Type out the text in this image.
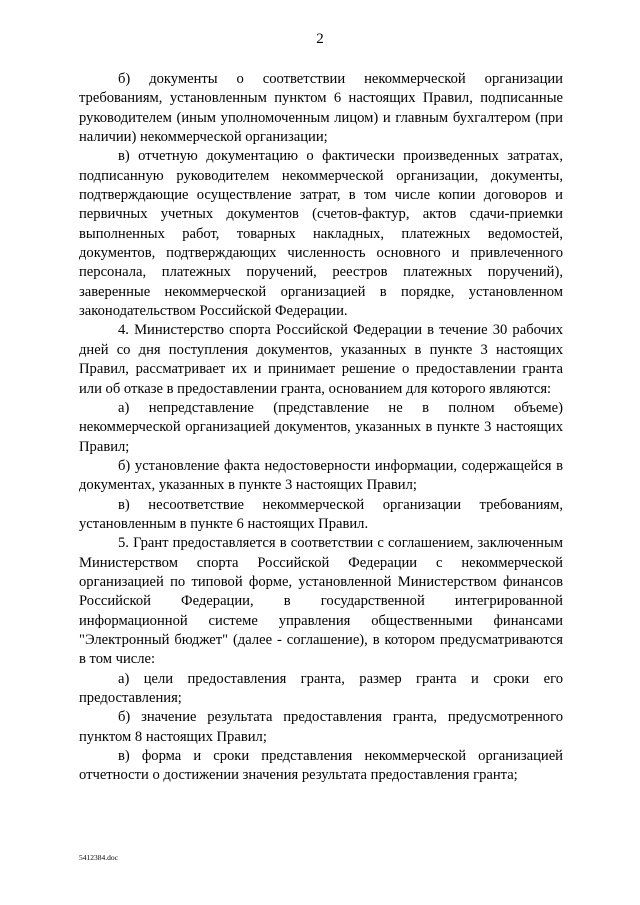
2

б) документы о соответствии некоммерческой организации требованиям, установленным пунктом 6 настоящих Правил, подписанные руководителем (иным уполномоченным лицом) и главным бухгалтером (при наличии) некоммерческой организации;

в) отчетную документацию о фактически произведенных затратах, подписанную руководителем некоммерческой организации, документы, подтверждающие осуществление затрат, в том числе копии договоров и первичных учетных документов (счетов-фактур, актов сдачи-приемки выполненных работ, товарных накладных, платежных ведомостей, документов, подтверждающих численность основного и привлеченного персонала, платежных поручений, реестров платежных поручений), заверенные некоммерческой организацией в порядке, установленном законодательством Российской Федерации.

4. Министерство спорта Российской Федерации в течение 30 рабочих дней со дня поступления документов, указанных в пункте 3 настоящих Правил, рассматривает их и принимает решение о предоставлении гранта или об отказе в предоставлении гранта, основанием для которого являются:

а) непредставление (представление не в полном объеме) некоммерческой организацией документов, указанных в пункте 3 настоящих Правил;

б) установление факта недостоверности информации, содержащейся в документах, указанных в пункте 3 настоящих Правил;

в) несоответствие некоммерческой организации требованиям, установленным в пункте 6 настоящих Правил.

5. Грант предоставляется в соответствии с соглашением, заключенным Министерством спорта Российской Федерации с некоммерческой организацией по типовой форме, установленной Министерством финансов Российской Федерации, в государственной интегрированной информационной системе управления общественными финансами "Электронный бюджет" (далее - соглашение), в котором предусматриваются в том числе:

а) цели предоставления гранта, размер гранта и сроки его предоставления;

б) значение результата предоставления гранта, предусмотренного пунктом 8 настоящих Правил;

в) форма и сроки представления некоммерческой организацией отчетности о достижении значения результата предоставления гранта;

5412384.doc
